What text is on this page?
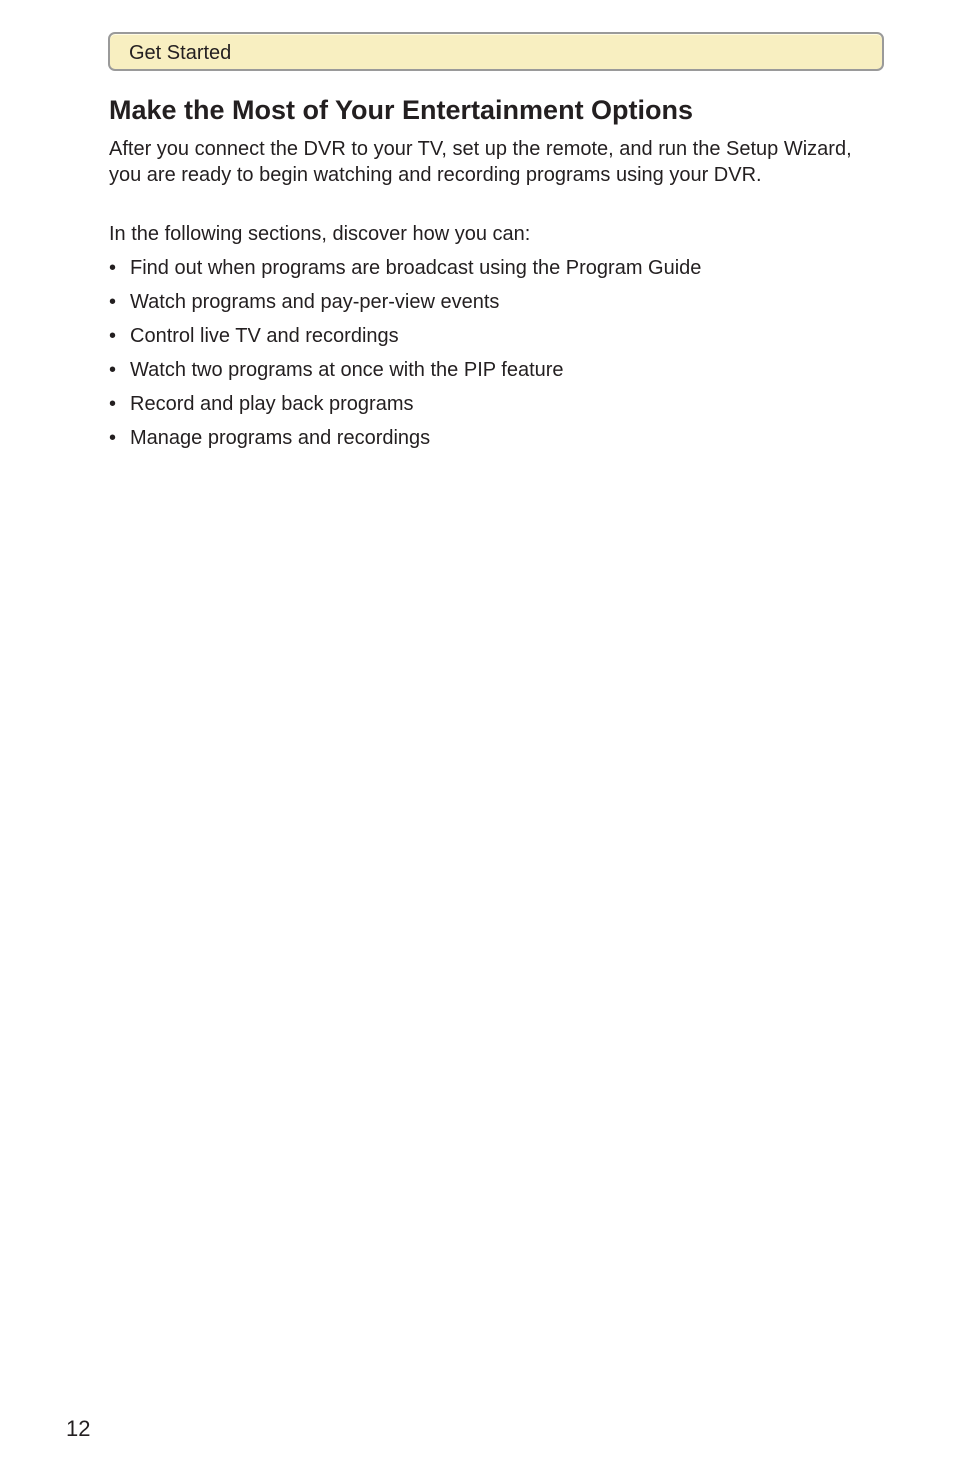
Get Started
Make the Most of Your Entertainment Options

After you connect the DVR to your TV, set up the remote, and run the Setup Wizard, you are ready to begin watching and recording programs using your DVR.

In the following sections, discover how you can:

• Find out when programs are broadcast using the Program Guide
• Watch programs and pay-per-view events
• Control live TV and recordings
• Watch two programs at once with the PIP feature
• Record and play back programs
• Manage programs and recordings
12
